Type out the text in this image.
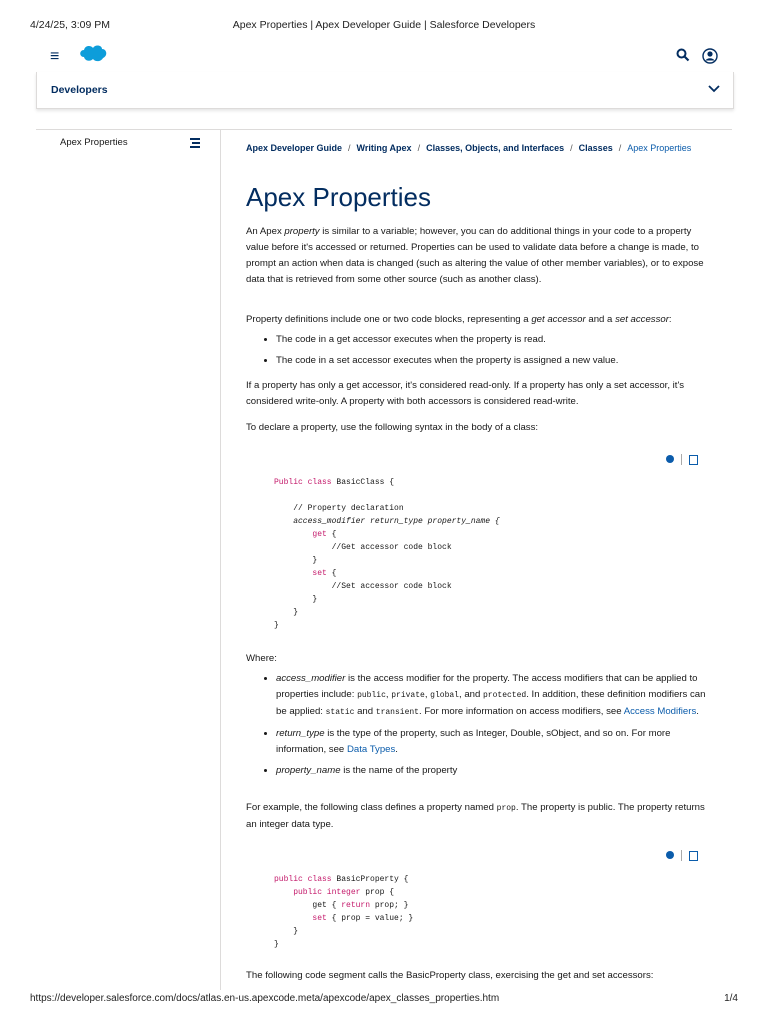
4/24/25, 3:09 PM	Apex Properties | Apex Developer Guide | Salesforce Developers
≡
Developers
Apex Properties	Apex Developer Guide / Writing Apex / Classes, Objects, and Interfaces / Classes / Apex Properties
Apex Properties

An Apex property is similar to a variable; however, you can do additional things in your code to a property value before it's accessed or returned. Properties can be used to validate data before a change is made, to prompt an action when data is changed (such as altering the value of other member variables), or to expose data that is retrieved from some other source (such as another class).

Property definitions include one or two code blocks, representing a get accessor and a set accessor:

• The code in a get accessor executes when the property is read.
• The code in a set accessor executes when the property is assigned a new value.

If a property has only a get accessor, it's considered read-only. If a property has only a set accessor, it's considered write-only. A property with both accessors is considered read-write.

To declare a property, use the following syntax in the body of a class:

Public class BasicClass {

// Property declaration
access_modifier return_type property_name {
get {
//Get accessor code block
}
set {
//Set accessor code block
}
}
}

Where:

• access_modifier is the access modifier for the property. The access modifiers that can be applied to properties include: public, private, global, and protected. In addition, these definition modifiers can be applied: static and transient. For more information on access modifiers, see Access Modifiers.
• return_type is the type of the property, such as Integer, Double, sObject, and so on. For more information, see Data Types.
• property_name is the name of the property

For example, the following class defines a property named prop. The property is public. The property returns an integer data type.

public class BasicProperty {
public integer prop {
get { return prop; }
set { prop = value; }
}
}

The following code segment calls the BasicProperty class, exercising the get and set accessors:

https://developer.salesforce.com/docs/atlas.en-us.apexcode.meta/apexcode/apex_classes_properties.htm	1/4
